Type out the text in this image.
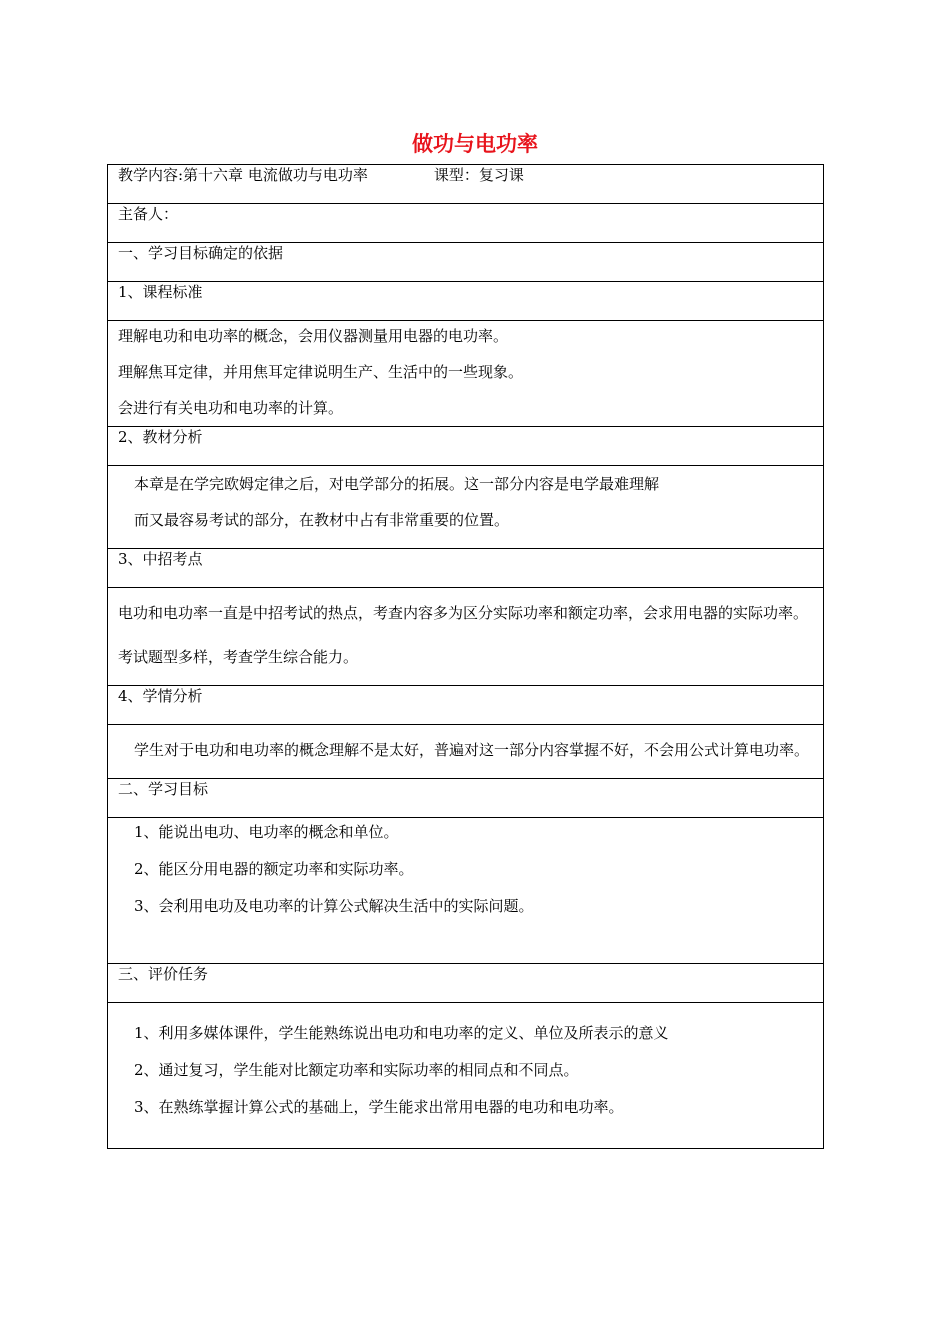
做功与电功率
教学内容:第十六章 电流做功与电功率	课型：复习课
主备人：
一、学习目标确定的依据
1、课程标准

理解电功和电功率的概念，会用仪器测量用电器的电功率。

理解焦耳定律，并用焦耳定律说明生产、生活中的一些现象。

会进行有关电功和电功率的计算。

2、教材分析

本章是在学完欧姆定律之后，对电学部分的拓展。这一部分内容是电学最难理解

而又最容易考试的部分，在教材中占有非常重要的位置。

3、中招考点

电功和电功率一直是中招考试的热点，考查内容多为区分实际功率和额定功率，会求用电器的实际功率。考试题型多样，考查学生综合能力。

4、学情分析

学生对于电功和电功率的概念理解不是太好，普遍对这一部分内容掌握不好，不会用公式计算电功率。

二、学习目标

1、能说出电功、电功率的概念和单位。

2、能区分用电器的额定功率和实际功率。

3、会利用电功及电功率的计算公式解决生活中的实际问题。

三、评价任务

1、利用多媒体课件，学生能熟练说出电功和电功率的定义、单位及所表示的意义

2、通过复习，学生能对比额定功率和实际功率的相同点和不同点。

3、在熟练掌握计算公式的基础上，学生能求出常用电器的电功和电功率。
